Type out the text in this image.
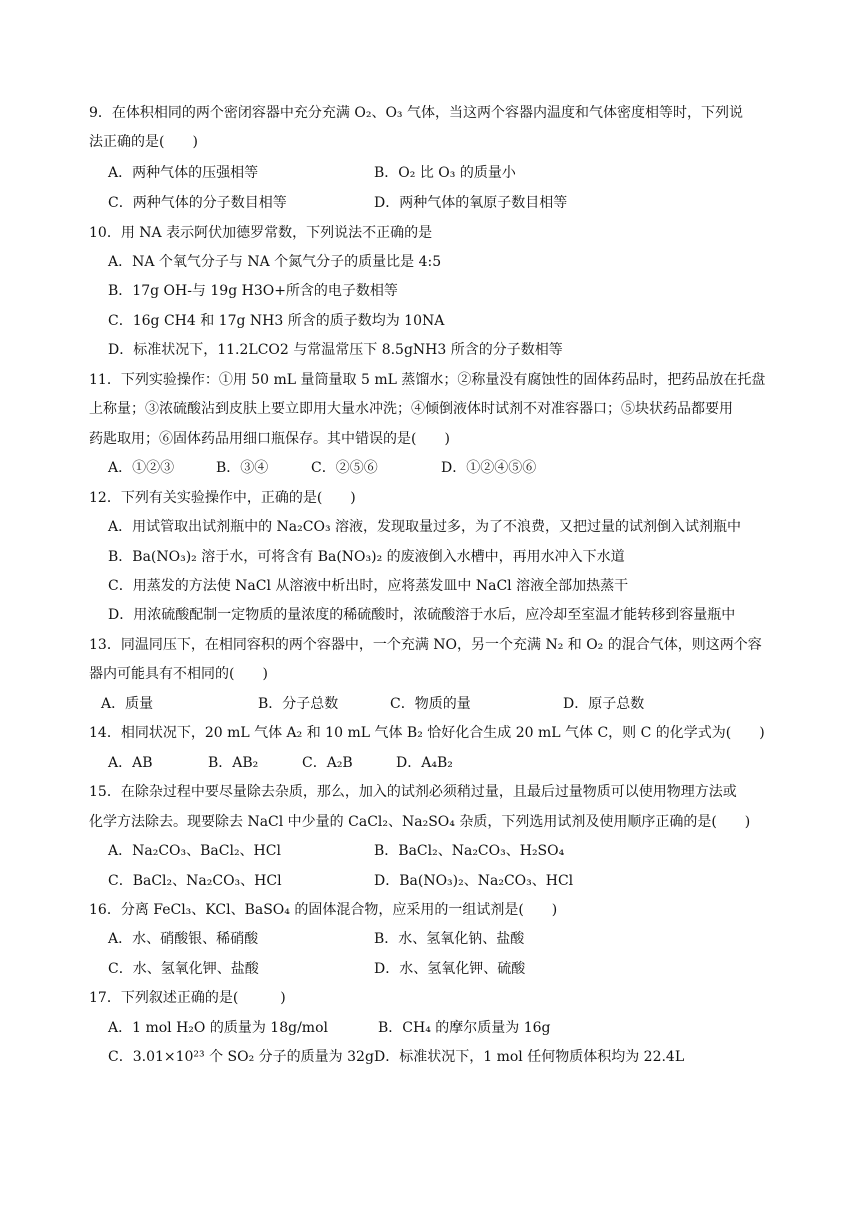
9．在体积相同的两个密闭容器中充分充满 O₂、O₃ 气体，当这两个容器内温度和气体密度相等时，下列说
法正确的是(　　)
A．两种气体的压强相等	B．O₂ 比 O₃ 的质量小
C．两种气体的分子数目相等	D．两种气体的氧原子数目相等
10．用 NA 表示阿伏加德罗常数，下列说法不正确的是
A．NA 个氧气分子与 NA 个氮气分子的质量比是 4:5
B．17g OH-与 19g H3O+所含的电子数相等
C．16g CH4 和 17g NH3 所含的质子数均为 10NA
D．标准状况下，11.2LCO2 与常温常压下 8.5gNH3 所含的分子数相等
11．下列实验操作：①用 50 mL 量筒量取 5 mL 蒸馏水；②称量没有腐蚀性的固体药品时，把药品放在托盘
上称量；③浓硫酸沾到皮肤上要立即用大量水冲洗；④倾倒液体时试剂不对准容器口；⑤块状药品都要用
药匙取用；⑥固体药品用细口瓶保存。其中错误的是(　　)
A．①②③	B．③④	C．②⑤⑥	D．①②④⑤⑥
12．下列有关实验操作中，正确的是(　　)
A．用试管取出试剂瓶中的 Na₂CO₃ 溶液，发现取量过多，为了不浪费，又把过量的试剂倒入试剂瓶中
B．Ba(NO₃)₂ 溶于水，可将含有 Ba(NO₃)₂ 的废液倒入水槽中，再用水冲入下水道
C．用蒸发的方法使 NaCl 从溶液中析出时，应将蒸发皿中 NaCl 溶液全部加热蒸干
D．用浓硫酸配制一定物质的量浓度的稀硫酸时，浓硫酸溶于水后，应冷却至室温才能转移到容量瓶中
13．同温同压下，在相同容积的两个容器中，一个充满 NO，另一个充满 N₂ 和 O₂ 的混合气体，则这两个容
器内可能具有不相同的(　　)
A．质量	B．分子总数	C．物质的量	D．原子总数
14．相同状况下，20 mL 气体 A₂ 和 10 mL 气体 B₂ 恰好化合生成 20 mL 气体 C，则 C 的化学式为(　　)
A．AB	B．AB₂	C．A₂B	D．A₄B₂
15．在除杂过程中要尽量除去杂质，那么，加入的试剂必须稍过量，且最后过量物质可以使用物理方法或
化学方法除去。现要除去 NaCl 中少量的 CaCl₂、Na₂SO₄ 杂质，下列选用试剂及使用顺序正确的是(　　)
A．Na₂CO₃、BaCl₂、HCl	B．BaCl₂、Na₂CO₃、H₂SO₄
C．BaCl₂、Na₂CO₃、HCl	D．Ba(NO₃)₂、Na₂CO₃、HCl
16．分离 FeCl₃、KCl、BaSO₄ 的固体混合物，应采用的一组试剂是(　　)
A．水、硝酸银、稀硝酸	B．水、氢氧化钠、盐酸
C．水、氢氧化钾、盐酸	D．水、氢氧化钾、硫酸
17．下列叙述正确的是(　　　)
A．1 mol H₂O 的质量为 18g/mol	B．CH₄ 的摩尔质量为 16g
C．3.01×10²³ 个 SO₂ 分子的质量为 32g D．标准状况下，1 mol 任何物质体积均为 22.4L
